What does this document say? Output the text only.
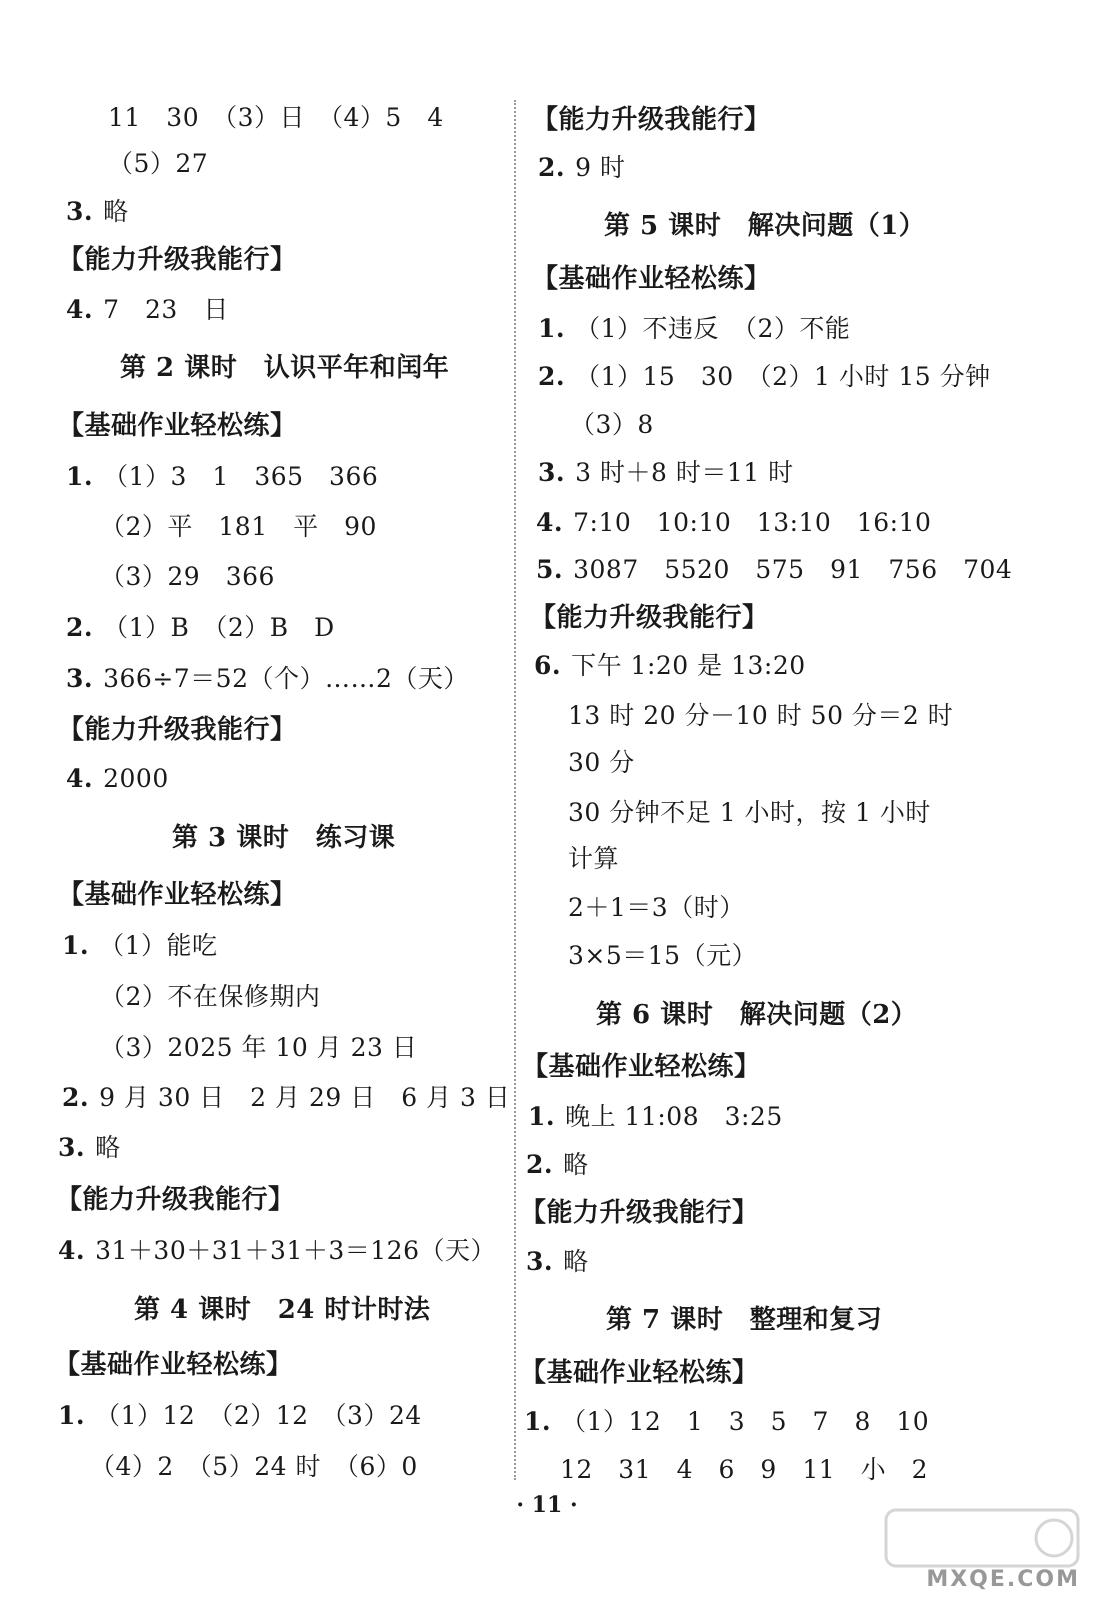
11　30　（3）日　（4）5　4
（5）27
3. 略
【能力升级我能行】
4. 7　23　日
第 2 课时　认识平年和闰年
【基础作业轻松练】
1. （1）3　1　365　366
（2）平　181　平　90
（3）29　366
2. （1）B　（2）B　D
3. 366÷7＝52（个）……2（天）
【能力升级我能行】
4. 2000
第 3 课时　练习课
【基础作业轻松练】
1. （1）能吃
（2）不在保修期内
（3）2025 年 10 月 23 日
2. 9 月 30 日　2 月 29 日　6 月 3 日
3. 略
【能力升级我能行】
4. 31＋30＋31＋31＋3＝126（天）
第 4 课时　24 时计时法
【基础作业轻松练】
1. （1）12　（2）12　（3）24
（4）2　（5）24 时　（6）0
【能力升级我能行】
2. 9 时
第 5 课时　解决问题（1）
【基础作业轻松练】
1. （1）不违反　（2）不能
2. （1）15　30　（2）1 小时 15 分钟
（3）8
3. 3 时＋8 时＝11 时
4. 7:10　10:10　13:10　16:10
5. 3087　5520　575　91　756　704
【能力升级我能行】
6. 下午 1:20 是 13:20
13 时 20 分－10 时 50 分＝2 时
30 分
30 分钟不足 1 小时，按 1 小时
计算
2＋1＝3（时）
3×5＝15（元）
第 6 课时　解决问题（2）
【基础作业轻松练】
1. 晚上 11:08　3:25
2. 略
【能力升级我能行】
3. 略
第 7 课时　整理和复习
【基础作业轻松练】
1. （1）12　1　3　5　7　8　10
12　31　4　6　9　11　小　2
· 11 ·
MXQE.COM
